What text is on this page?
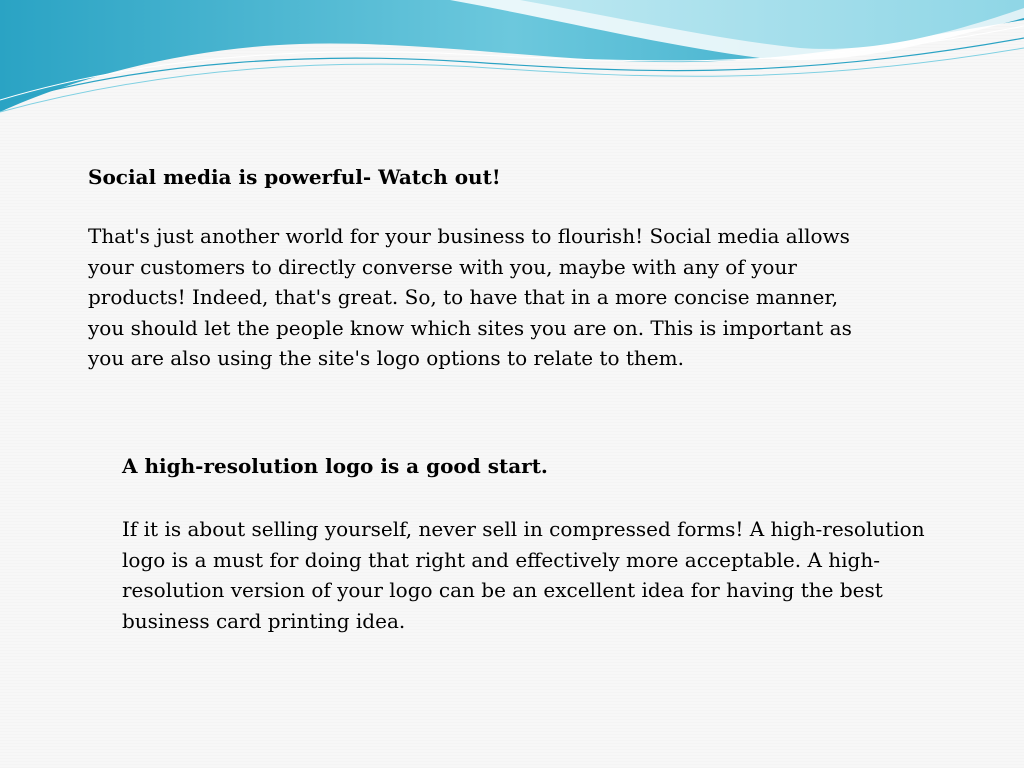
Social media is powerful- Watch out!

That's just another world for your business to flourish! Social media allows your customers to directly converse with you, maybe with any of your products! Indeed, that's great. So, to have that in a more concise manner, you should let the people know which sites you are on. This is important as you are also using the site's logo options to relate to them.

A high-resolution logo is a good start.

If it is about selling yourself, never sell in compressed forms! A high-resolution logo is a must for doing that right and effectively more acceptable. A high-resolution version of your logo can be an excellent idea for having the best business card printing idea.
